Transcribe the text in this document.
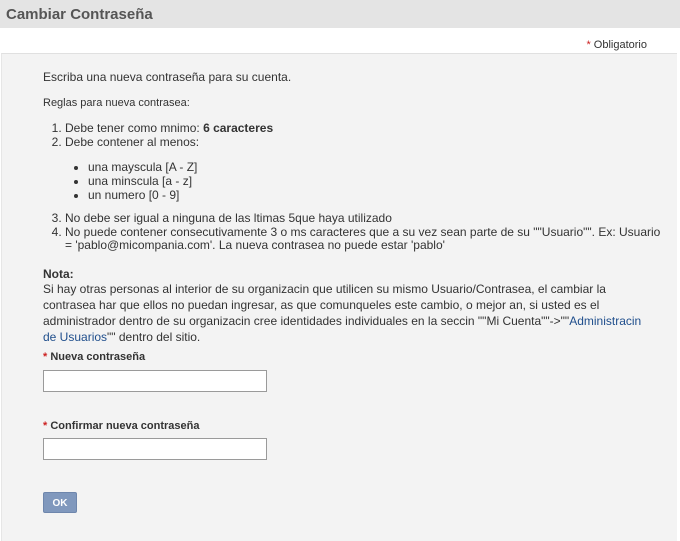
Cambiar Contraseña
* Obligatorio
Escriba una nueva contraseña para su cuenta.
Reglas para nueva contrasea:
1. Debe tener como mnimo: 6 caracteres
2. Debe contener al menos:
• una mayscula [A - Z]
• una minscula [a - z]
• un numero [0 - 9]
3. No debe ser igual a ninguna de las ltimas 5que haya utilizado
4. No puede contener consecutivamente 3 o ms caracteres que a su vez sean parte de su ""Usuario"". Ex: Usuario = 'pablo@micompania.com'. La nueva contrasea no puede estar 'pablo'
Nota:
Si hay otras personas al interior de su organizacin que utilicen su mismo Usuario/Contrasea, el cambiar la contrasea har que ellos no puedan ingresar, as que comunqueles este cambio, o mejor an, si usted es el administrador dentro de su organizacin cree identidades individuales en la seccin ""Mi Cuenta""->""Administracin de Usuarios"" dentro del sitio.
* Nueva contraseña
* Confirmar nueva contraseña
OK
